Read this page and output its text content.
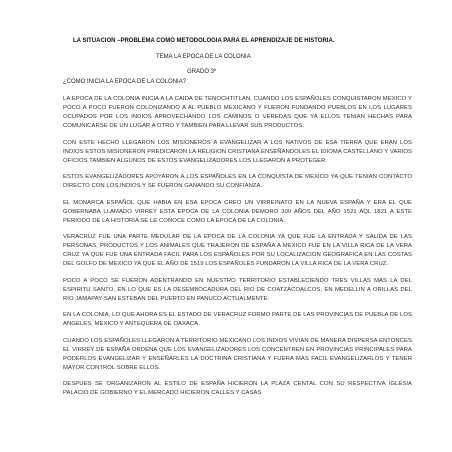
LA SITUACION –PROBLEMA COMO METODOLOGIA PARA EL APRENDIZAJE DE HISTORIA.
TEMA LA EPOCA DE LA COLONIA
GRADO 3º
¿COMO INICIA LA EPOCA DE LA COLONIA?

LA EPOCA DE LA COLONIA INICIA A LA CAIDA DE TENOCHTITLAN, CUANDO LOS ESPAÑOLES CONQUISTARON MEXICO Y POCO A POCO FUERON COLONIZANDO A AL PUEBLO MEXICANO Y FUERON FUNDANDO PUEBLOS EN LOS LUGARES OCUPADOS POR LOS INDIOS APROVECHANDO LOS CAMINOS O VEREDAS QUE YA ELLOS TENIAN HECHAS PARA COMUNICARSE DE UN LUGAR A OTRO Y TAMBIEN PARA LLEVAR SUS PRODUCTOS.

CON ESTE HECHO LLEGARON LOS MISIONEROS A EVANGELIZAR A LOS NATIVOS DE ESA TIERRA QUE ERAN LOS INDIOS ESTOS MISIONERON PREDICARON LA RELIGION CRISTIANA ENSEÑANDOLES EL IDIOMA CASTELLANO Y VARIOS OFICIOS TAMBIEN ALGUNOS DE ESTOS EVANGELIZADORES LOS LLEGARON A PROTEGER.

ESTOS EVANGELIZADORES APOYARON A LOS ESPAÑOLES EN LA CONQUISTA DE MEXICO YA QUE TENIAN CONTACTO DIRECTO CON LOS INDIOS Y SE FUERON GANANDO SU CONFIANZA.

EL MONARCA ESPAÑOL QUE HABIA EN ESA EPOCA CREO UN VIRREINATO EN LA NUEVA ESPAÑA Y ERA EL QUE GOBERNABA LLAMADO VIRREY ESTA EPOCA DE LA COLONIA DEMORO 300 AÑOS DEL AÑO 1521 AQL 1821 A ESTE PERIODO DE LA HISTORIA SE LE CONOCE COMO LA EPOCA DE LA COLONIA.

VERACRUZ FUE UNA PARTE MEDULAR DE LA EPOCA DE LA COLONIA YA QUE FUE LA ENTRADA Y SALIDA DE LAS PERSONAS, PRODUCTOS Y LOS ANIMALES QUE TRAJERON DE ESPAÑA A MEXICO FUE EN LA VILLA RICA DE LA VERA CRUZ YA QUE FUE UNA ENTRADA FACIL PARA LOS ESPAÑOLES POR SU LOCALIZACION GEOGRAFICA EN LAS COSTAS DEL GOLFO DE MEXICO YA QUE EL AÑO DE 1519 LOS ESPAÑOLES FUNDARON LA VILLA RICA DE LA VERA CRUZ.

POCO A POCO SE FUERON ADENTRANDO EN NUESTRO TERRITORIO ESTABLECIENDO TRES VILLAS MAS LA DEL ESPIRITU SANTO, EN LO QUE ES LA DESEMBOCADURA DEL RIO DE COATZACOALCOS, EN MEDELLIN A ORILLAS DEL RIO JAMAPAY SAN ESTEBAN DEL PUERTO EN PANUCO ACTUALMENTE.

EN LA COLONIA, LO QUE AHORA ES EL ESTADO DE VERACRUZ FORMO PARTE DE LAS PROVINCIAS DE PUEBLA DE LOS ANGELES, MEXICO Y ANTEQUERA DE OAXACA.

CUANDO LOS ESPAÑOLES LLEGARON A TERRITORIO MEXICANO LOS INDIOS VIVIAN DE MANERA DISPERSA ENTONCES EL VIRREY DE ESPAÑA ORDENA QUE LOS EVANGELIZADORES LOS CONCENTREN EN PROVINCIAS PRINCIPALES PARA PODERLOS EVANGELIZAR Y ENSEÑARLES LA DOCTRINA CRISTIANA Y FUERA MAS FACIL EVANGELIZARLOS Y TENER MAYOR CONTROL SOBRE ELLOS.

DESPUES SE ORGANIZARON AL ESTILO DE ESPAÑA HICIERON LA PLAZA CENTAL CON SU RESPECTIVA IGLESIA PALACIO DE GOBIERNO Y EL MERCADO HICIERON CALLES Y CASAS
